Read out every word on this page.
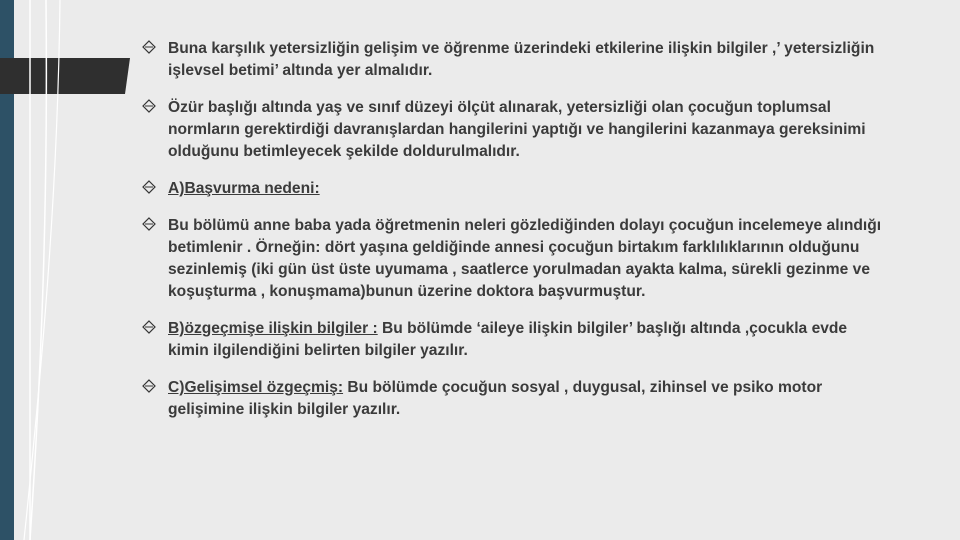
Buna karşılık yetersizliğin gelişim ve öğrenme üzerindeki etkilerine ilişkin bilgiler ,’ yetersizliğin işlevsel betimi’ altında yer almalıdır.
Özür başlığı altında yaş ve sınıf düzeyi ölçüt alınarak, yetersizliği olan çocuğun toplumsal normların gerektirdiği davranışlardan hangilerini yaptığı ve hangilerini kazanmaya gereksinimi olduğunu betimleyecek şekilde doldurulmalıdır.
A)Başvurma nedeni:
Bu bölümü anne baba yada öğretmenin neleri gözlediğinden dolayı çocuğun incelemeye alındığı betimlenir . Örneğin: dört yaşına geldiğinde annesi çocuğun birtakım farklılıklarının olduğunu sezinlemiş (iki gün üst üste uyumama , saatlerce yorulmadan ayakta kalma, sürekli gezinme ve koşuşturma , konuşmama)bunun üzerine doktora başvurmuştur.
B)özgeçmişe ilişkin bilgiler : Bu bölümde ‘aileye ilişkin bilgiler’ başlığı altında ,çocukla evde kimin ilgilendiğini belirten bilgiler yazılır.
C)Gelişimsel özgeçmiş: Bu bölümde çocuğun sosyal , duygusal, zihinsel ve psiko motor gelişimine ilişkin bilgiler yazılır.
